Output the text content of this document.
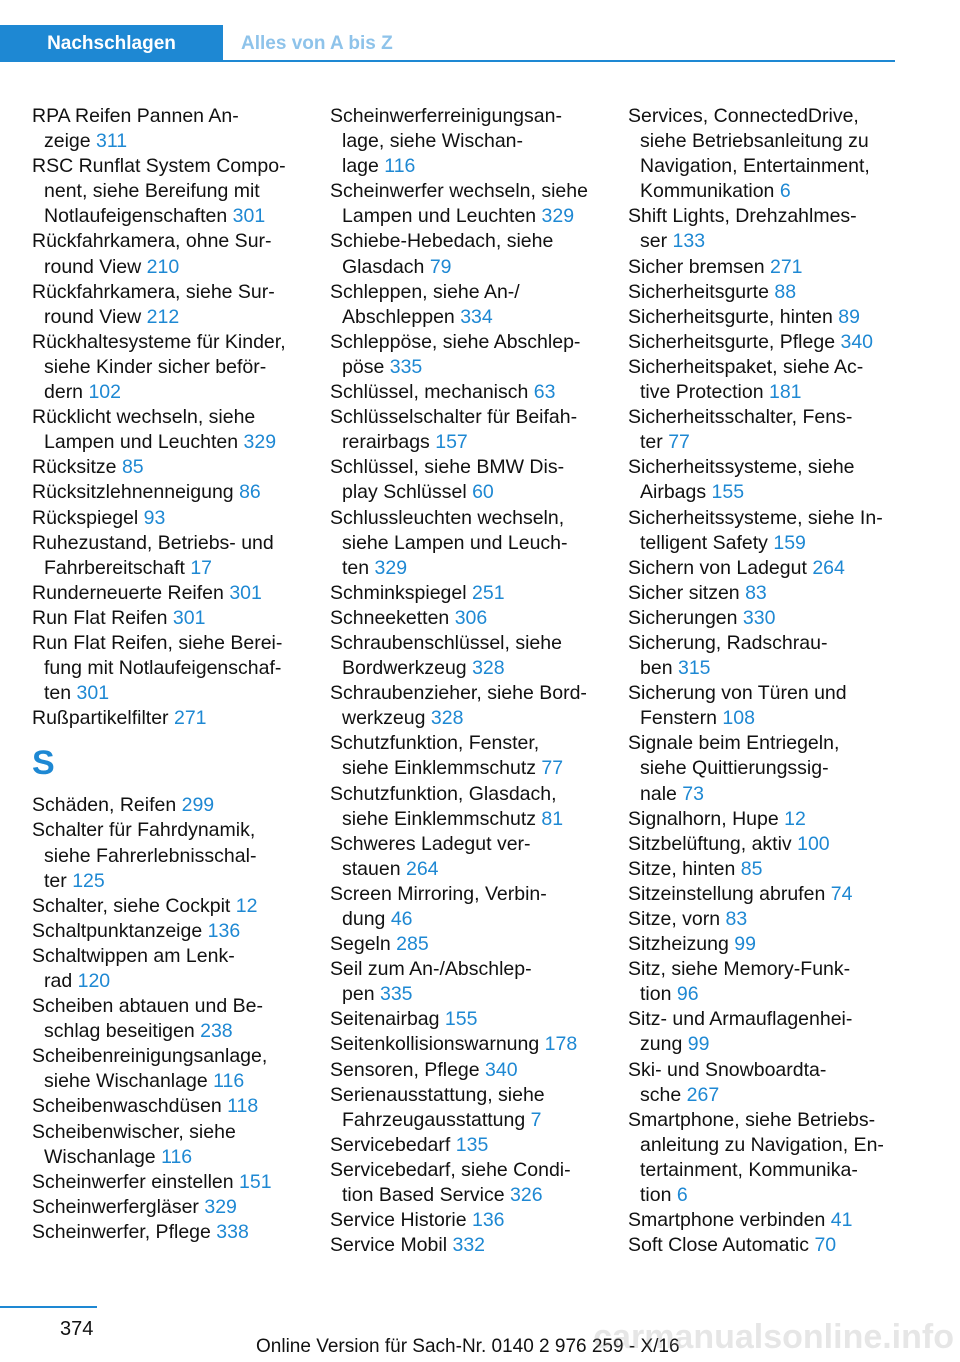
Nachschlagen	Alles von A bis Z
RPA Reifen Pannen An-
zeige 311
RSC Runflat System Compo-
nent, siehe Bereifung mit
Notlaufeigenschaften 301
Rückfahrkamera, ohne Sur-
round View 210
Rückfahrkamera, siehe Sur-
round View 212
Rückhaltesysteme für Kinder,
siehe Kinder sicher beför-
dern 102
Rücklicht wechseln, siehe
Lampen und Leuchten 329
Rücksitze 85
Rücksitzlehnenneigung 86
Rückspiegel 93
Ruhezustand, Betriebs- und
Fahrbereitschaft 17
Runderneuerte Reifen 301
Run Flat Reifen 301
Run Flat Reifen, siehe Berei-
fung mit Notlaufeigenschaf-
ten 301
Rußpartikelfilter 271
S
Schäden, Reifen 299
Schalter für Fahrdynamik,
siehe Fahrerlebnisschal-
ter 125
Schalter, siehe Cockpit 12
Schaltpunktanzeige 136
Schaltwippen am Lenk-
rad 120
Scheiben abtauen und Be-
schlag beseitigen 238
Scheibenreinigungsanlage,
siehe Wischanlage 116
Scheibenwaschdüsen 118
Scheibenwischer, siehe
Wischanlage 116
Scheinwerfer einstellen 151
Scheinwerfergläser 329
Scheinwerfer, Pflege 338
Scheinwerferreinigungsan-
lage, siehe Wischan-
lage 116
Scheinwerfer wechseln, siehe
Lampen und Leuchten 329
Schiebe-Hebedach, siehe
Glasdach 79
Schleppen, siehe An-/
Abschleppen 334
Schleppöse, siehe Abschlep-
pöse 335
Schlüssel, mechanisch 63
Schlüsselschalter für Beifah-
rerairbags 157
Schlüssel, siehe BMW Dis-
play Schlüssel 60
Schlussleuchten wechseln,
siehe Lampen und Leuch-
ten 329
Schminkspiegel 251
Schneeketten 306
Schraubenschlüssel, siehe
Bordwerkzeug 328
Schraubenzieher, siehe Bord-
werkzeug 328
Schutzfunktion, Fenster,
siehe Einklemmschutz 77
Schutzfunktion, Glasdach,
siehe Einklemmschutz 81
Schweres Ladegut ver-
stauen 264
Screen Mirroring, Verbin-
dung 46
Segeln 285
Seil zum An-/Abschlep-
pen 335
Seitenairbag 155
Seitenkollisionswarnung 178
Sensoren, Pflege 340
Serienausstattung, siehe
Fahrzeugausstattung 7
Servicebedarf 135
Servicebedarf, siehe Condi-
tion Based Service 326
Service Historie 136
Service Mobil 332
Services, ConnectedDrive,
siehe Betriebsanleitung zu
Navigation, Entertainment,
Kommunikation 6
Shift Lights, Drehzahlmes-
ser 133
Sicher bremsen 271
Sicherheitsgurte 88
Sicherheitsgurte, hinten 89
Sicherheitsgurte, Pflege 340
Sicherheitspaket, siehe Ac-
tive Protection 181
Sicherheitsschalter, Fens-
ter 77
Sicherheitssysteme, siehe
Airbags 155
Sicherheitssysteme, siehe In-
telligent Safety 159
Sichern von Ladegut 264
Sicher sitzen 83
Sicherungen 330
Sicherung, Radschrau-
ben 315
Sicherung von Türen und
Fenstern 108
Signale beim Entriegeln,
siehe Quittierungssig-
nale 73
Signalhorn, Hupe 12
Sitzbelüftung, aktiv 100
Sitze, hinten 85
Sitzeinstellung abrufen 74
Sitze, vorn 83
Sitzheizung 99
Sitz, siehe Memory-Funk-
tion 96
Sitz- und Armauflagenhei-
zung 99
Ski- und Snowboardta-
sche 267
Smartphone, siehe Betriebs-
anleitung zu Navigation, En-
tertainment, Kommunika-
tion 6
Smartphone verbinden 41
Soft Close Automatic 70
374
Online Version für Sach-Nr. 0140 2 976 259 - X/16
carmanualsonline.info
